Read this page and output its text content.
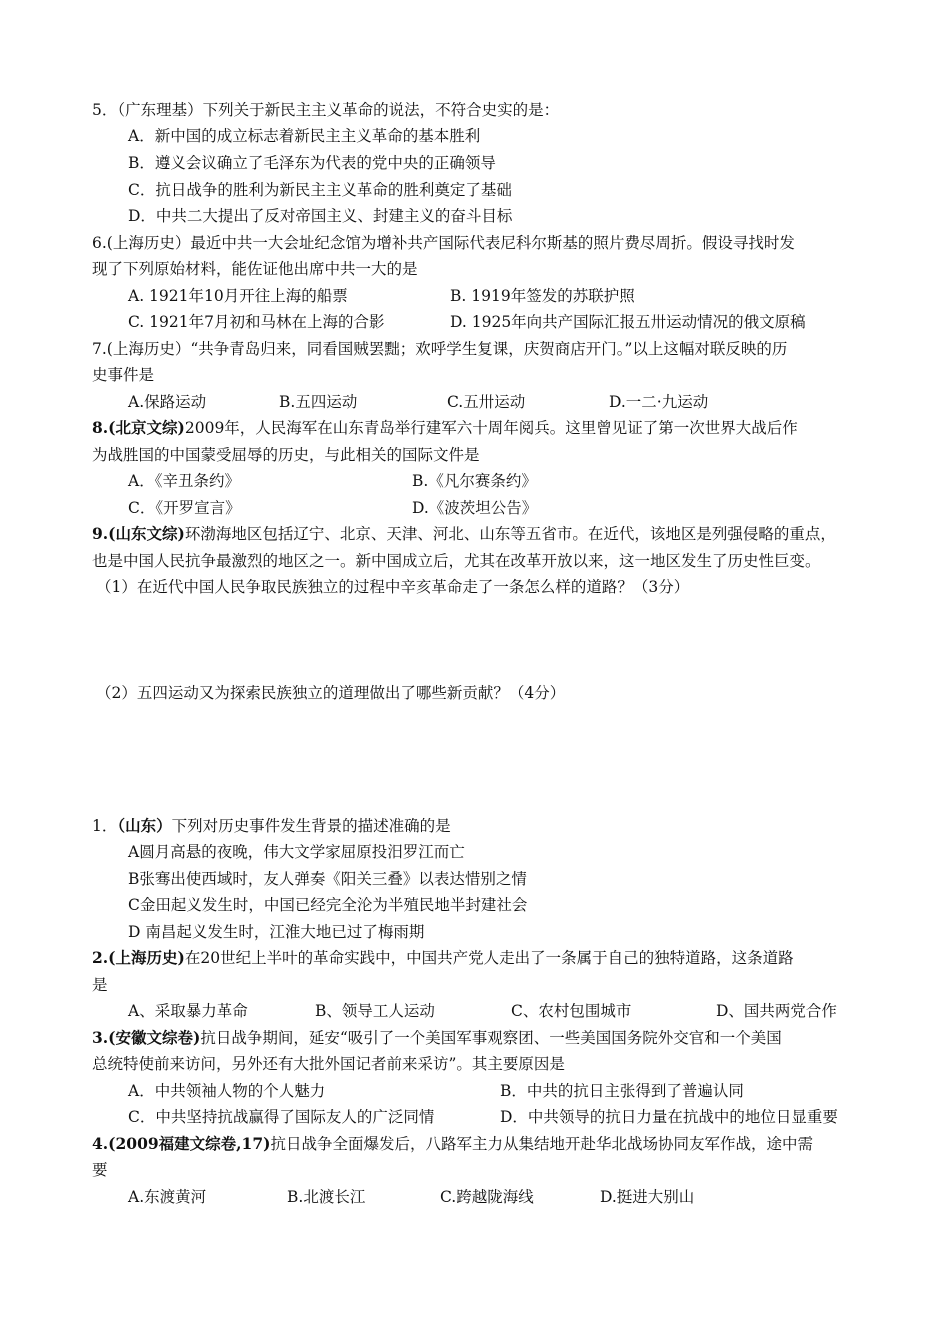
5．（广东理基）下列关于新民主主义革命的说法，不符合史实的是：
A．新中国的成立标志着新民主主义革命的基本胜利
B．遵义会议确立了毛泽东为代表的党中央的正确领导
C．抗日战争的胜利为新民主主义革命的胜利奠定了基础
D．中共二大提出了反对帝国主义、封建主义的奋斗目标
6.(上海历史）最近中共一大会址纪念馆为增补共产国际代表尼科尔斯基的照片费尽周折。假设寻找时发
现了下列原始材料，能佐证他出席中共一大的是
A. 1921年10月开往上海的船票	B. 1919年签发的苏联护照
C. 1921年7月初和马林在上海的合影	D. 1925年向共产国际汇报五卅运动情况的俄文原稿
7.(上海历史）“共争青岛归来，同看国贼罢黜；欢呼学生复课，庆贺商店开门。”以上这幅对联反映的历
史事件是
A.保路运动	B.五四运动	C.五卅运动	D.一二·九运动
8.(北京文综)2009年，人民海军在山东青岛举行建军六十周年阅兵。这里曾见证了第一次世界大战后作
为战胜国的中国蒙受屈辱的历史，与此相关的国际文件是
A．《辛丑条约》	B.《凡尔赛条约》
C．《开罗宣言》	D.《波茨坦公告》
9.(山东文综)环渤海地区包括辽宁、北京、天津、河北、山东等五省市。在近代，该地区是列强侵略的重点，
也是中国人民抗争最激烈的地区之一。新中国成立后，尤其在改革开放以来，这一地区发生了历史性巨变。
（1）在近代中国人民争取民族独立的过程中辛亥革命走了一条怎么样的道路？（3分）
（2）五四运动又为探索民族独立的道理做出了哪些新贡献？（4分）
1．（山东）下列对历史事件发生背景的描述准确的是
A圆月高悬的夜晚，伟大文学家屈原投汨罗江而亡
B张骞出使西域时，友人弹奏《阳关三叠》以表达惜别之情
C金田起义发生时，中国已经完全沦为半殖民地半封建社会
D 南昌起义发生时，江淮大地已过了梅雨期
2.(上海历史)在20世纪上半叶的革命实践中，中国共产党人走出了一条属于自己的独特道路，这条道路
是
A、采取暴力革命	B、领导工人运动	C、农村包围城市	D、国共两党合作
3.(安徽文综卷)抗日战争期间，延安“吸引了一个美国军事观察团、一些美国国务院外交官和一个美国
总统特使前来访问，另外还有大批外国记者前来采访”。其主要原因是
A．中共领袖人物的个人魅力	B．中共的抗日主张得到了普遍认同
C．中共坚持抗战赢得了国际友人的广泛同情	D．中共领导的抗日力量在抗战中的地位日显重要
4.(2009福建文综卷,17)抗日战争全面爆发后，八路军主力从集结地开赴华北战场协同友军作战，途中需
要
A.东渡黄河	B.北渡长江	C.跨越陇海线	D.挺进大别山
